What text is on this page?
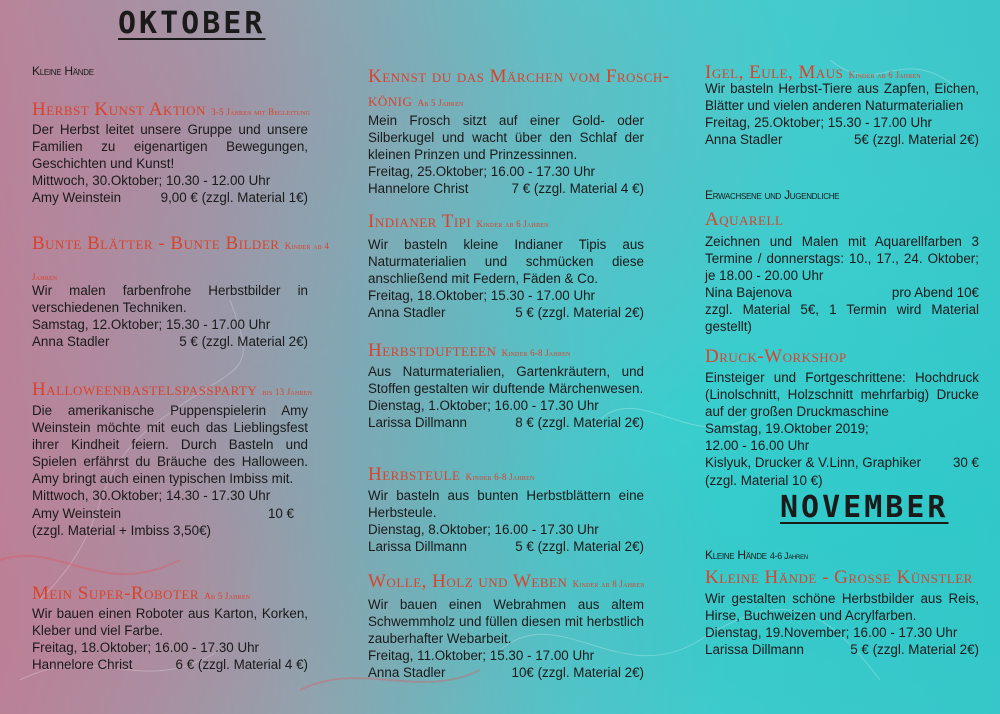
OKTOBER
Kleine Hände
Herbst Kunst Aktion 3-5 Jahren mit Begleitung
Der Herbst leitet unsere Gruppe und unsere Familien zu eigenartigen Bewegungen, Geschichten und Kunst!
Mittwoch, 30.Oktober; 10.30 - 12.00 Uhr
Amy Weinstein	9,00 € (zzgl. Material 1€)
Bunte Blätter - Bunte Bilder Kinder ab 4
Jahren
Wir malen farbenfrohe Herbstbilder in verschiedenen Techniken.
Samstag, 12.Oktober; 15.30 - 17.00 Uhr
Anna Stadler	5 € (zzgl. Material 2€)
Halloweenbastelspassparty bis 13 Jahren
Die amerikanische Puppenspielerin Amy Weinstein möchte mit euch das Lieblingsfest ihrer Kindheit feiern. Durch Basteln und Spielen erfährst du Bräuche des Halloween. Amy bringt auch einen typischen Imbiss mit.
Mittwoch, 30.Oktober; 14.30 - 17.30 Uhr
Amy Weinstein	10 €
(zzgl. Material + Imbiss 3,50€)
Mein Super-Roboter Ab 5 Jahren
Wir bauen einen Roboter aus Karton, Korken, Kleber und viel Farbe.
Freitag, 18.Oktober; 16.00 - 17.30 Uhr
Hannelore Christ	6 € (zzgl. Material 4 €)
Kennst du das Märchen vom Frosch-
könig Ab 5 Jahren
Mein Frosch sitzt auf einer Gold- oder Silberkugel und wacht über den Schlaf der kleinen Prinzen und Prinzessinnen.
Freitag, 25.Oktober; 16.00 - 17.30 Uhr
Hannelore Christ	7 € (zzgl. Material 4 €)
Indianer Tipi Kinder ab 6 Jahren
Wir basteln kleine Indianer Tipis aus Naturmaterialien und schmücken diese anschließend mit Federn, Fäden & Co.
Freitag, 18.Oktober; 15.30 - 17.00 Uhr
Anna Stadler	5 € (zzgl. Material 2€)
Herbstdufteeen Kinder 6-8 Jahren
Aus Naturmaterialien, Gartenkräutern, und Stoffen gestalten wir duftende Märchenwesen.
Dienstag, 1.Oktober; 16.00 - 17.30 Uhr
Larissa Dillmann	8 € (zzgl. Material 2€)
Herbsteule Kinder 6-8 Jahren
Wir basteln aus bunten Herbstblättern eine Herbsteule.
Dienstag, 8.Oktober; 16.00 - 17.30 Uhr
Larissa Dillmann	5 € (zzgl. Material 2€)
Wolle, Holz und Weben Kinder ab 8 Jahren
Wir bauen einen Webrahmen aus altem Schwemmholz und füllen diesen mit herbstlich zauberhafter Webarbeit.
Freitag, 11.Oktober; 15.30 - 17.00 Uhr
Anna Stadler	10€ (zzgl. Material 2€)
Igel, Eule, Maus Kinder ab 6 Jahren
Wir basteln Herbst-Tiere aus Zapfen, Eichen, Blätter und vielen anderen Naturmaterialien
Freitag, 25.Oktober; 15.30 - 17.00 Uhr
Anna Stadler	5€ (zzgl. Material 2€)
Erwachsene und Jugendliche
Aquarell
Zeichnen und Malen mit Aquarellfarben 3 Termine / donnerstags: 10., 17., 24. Oktober; je 18.00 - 20.00 Uhr
Nina Bajenova	pro Abend 10€
zzgl. Material 5€, 1 Termin wird Material gestellt)
Druck-Workshop
Einsteiger und Fortgeschrittene: Hochdruck (Linolschnitt, Holzschnitt mehrfarbig) Drucke auf der großen Druckmaschine
Samstag, 19.Oktober 2019;
12.00 - 16.00 Uhr
Kislyuk, Drucker & V.Linn, Graphiker 30 €
(zzgl. Material 10 €)
NOVEMBER
Kleine Hände 4-6 Jahren
Kleine Hände - Grosse Künstler
Wir gestalten schöne Herbstbilder aus Reis, Hirse, Buchweizen und Acrylfarben.
Dienstag, 19.November; 16.00 - 17.30 Uhr
Larissa Dillmann	5 € (zzgl. Material 2€)
